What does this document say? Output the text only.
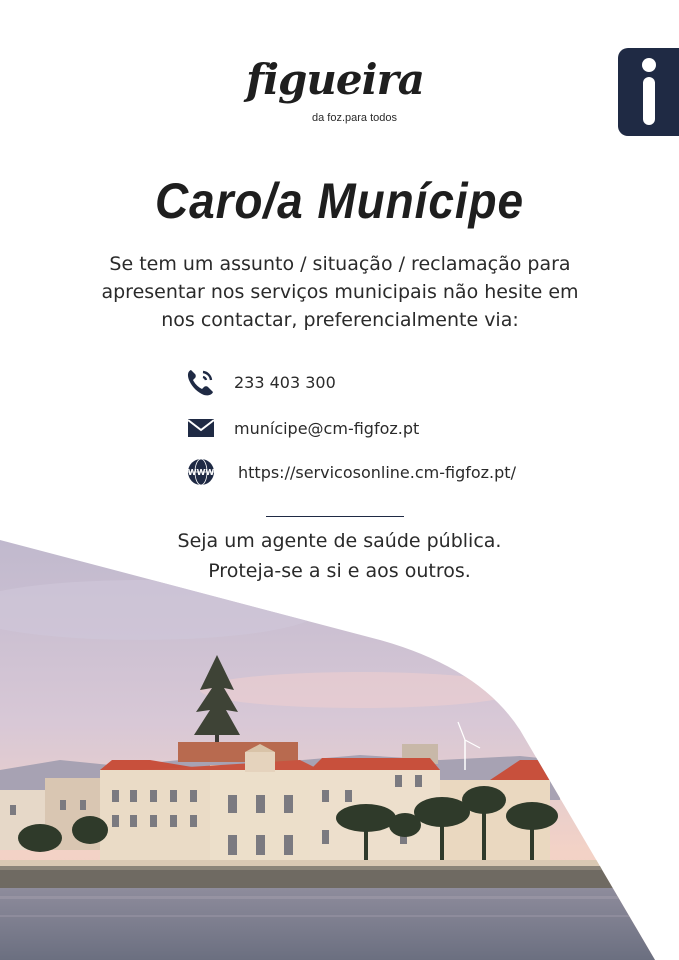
figueira
da foz.para todos
Caro/a Munícipe
Se tem um assunto / situação / reclamação para
apresentar nos serviços municipais não hesite em
nos contactar, preferencialmente via:
233 403 300
munícipe@cm-figfoz.pt
WWW https://servicosonline.cm-figfoz.pt/
Seja um agente de saúde pública.
Proteja-se a si e aos outros.
